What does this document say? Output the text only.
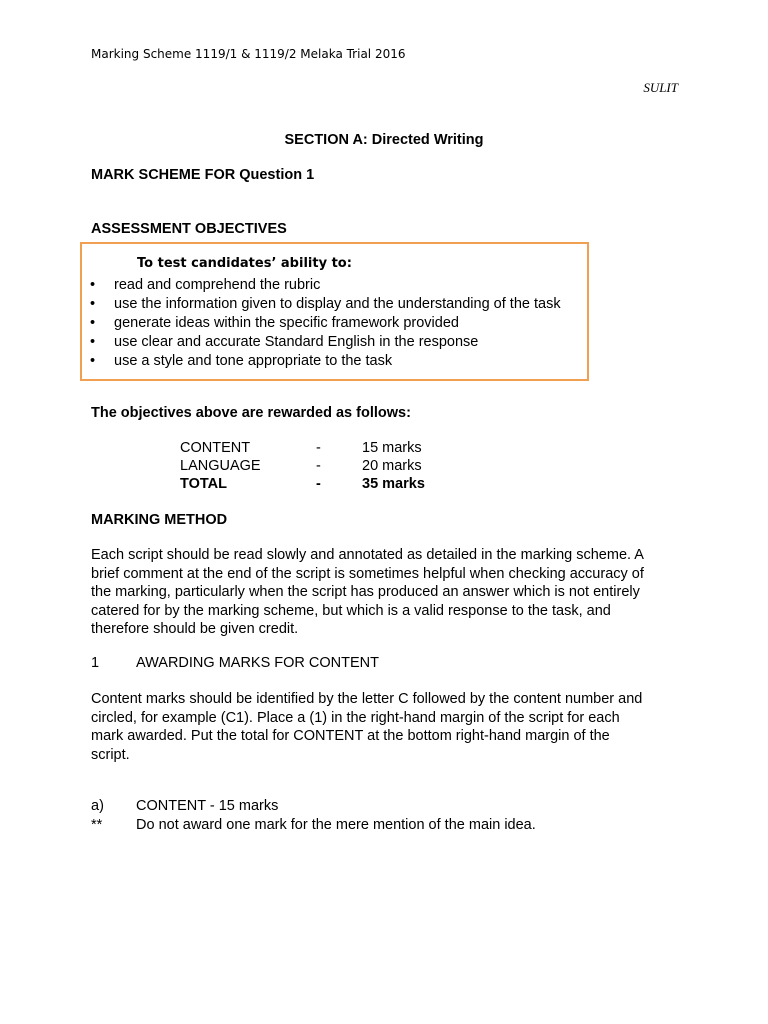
Marking Scheme 1119/1 & 1119/2 Melaka Trial 2016
SULIT
SECTION A: Directed Writing
MARK SCHEME FOR Question 1
ASSESSMENT OBJECTIVES
To test candidates’ ability to:
• read and comprehend the rubric
• use the information given to display and the understanding of the task
• generate ideas within the specific framework provided
• use clear and accurate Standard English in the response
• use a style and tone appropriate to the task
The objectives above are rewarded as follows:
CONTENT	-	15 marks
LANGUAGE	-	20 marks
TOTAL	-	35 marks
MARKING METHOD
Each script should be read slowly and annotated as detailed in the marking scheme. A
brief comment at the end of the script is sometimes helpful when checking accuracy of
the marking, particularly when the script has produced an answer which is not entirely
catered for by the marking scheme, but which is a valid response to the task, and
therefore should be given credit.
1	AWARDING MARKS FOR CONTENT
Content marks should be identified by the letter C followed by the content number and
circled, for example (C1). Place a (1) in the right-hand margin of the script for each
mark awarded. Put the total for CONTENT at the bottom right-hand margin of the
script.
a) CONTENT - 15 marks
** Do not award one mark for the mere mention of the main idea.
